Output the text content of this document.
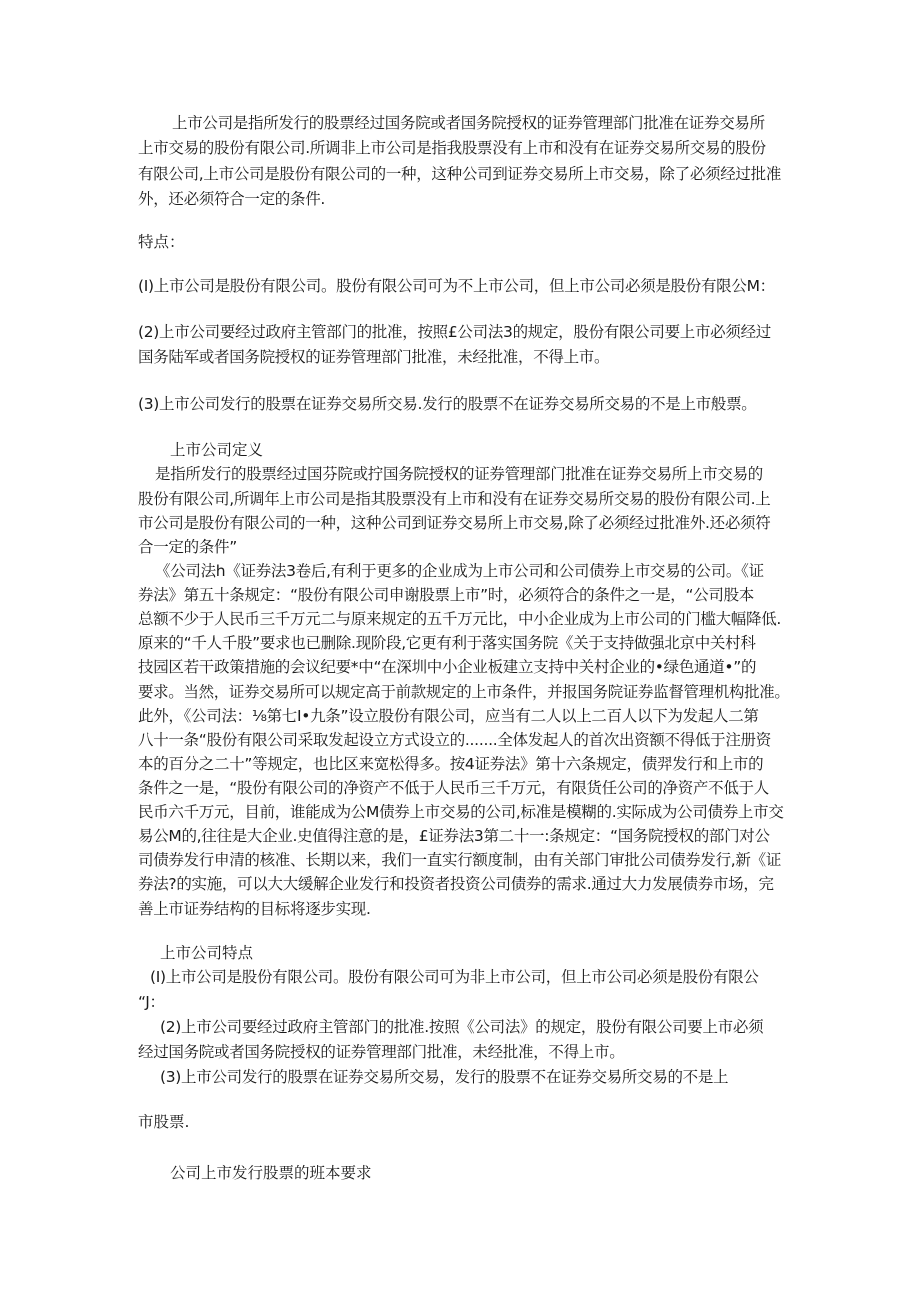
上市公司是指所发行的股票经过国务院或者国务院授权的证券管理部门批准在证券交易所
上市交易的股份有限公司.所调非上市公司是指我股票没有上市和没有在证券交易所交易的股份
有限公司,上市公司是股份有限公司的一种，这种公司到证券交易所上市交易，除了必须经过批准
外，还必须符合一定的条件.
特点：
(I)上市公司是股份有限公司。股份有限公司可为不上市公司，但上市公司必须是股份有限公M：
(2)上市公司要经过政府主管部门的批准，按照£公司法3的规定，股份有限公司要上市必须经过
国务陆军或者国务院授权的证券管理部门批准，未经批准，不得上市。
(3)上市公司发行的股票在证券交易所交易.发行的股票不在证券交易所交易的不是上市般票。
上市公司定义
是指所发行的股票经过国芬院或拧国务院授权的证券管理部门批准在证券交易所上市交易的
股份有限公司,所调年上市公司是指其股票没有上市和没有在证券交易所交易的股份有限公司.上
市公司是股份有限公司的一种，这种公司到证券交易所上市交易,除了必须经过批准外.还必须符
合一定的条件”
《公司法h《证券法3卷后,有利于更多的企业成为上市公司和公司债券上市交易的公司。《证
券法》第五十条规定：“股份有限公司申谢股票上市”时，必须符合的条件之一是，“公司股本
总额不少于人民币三千万元二与原来规定的五千万元比，中小企业成为上市公司的门槛大幅降低.
原来的“千人千股”要求也已删除.现阶段,它更有利于落实国务院《关于支持做强北京中关村科
技园区若干政策措施的会议纪要*中“在深圳中小企业板建立支持中关村企业的•绿色通道•”的
要求。当然，证券交易所可以规定高于前款规定的上市条件，并报国务院证券监督管理机构批准。
此外，《公司法：⅛第七I•九条”设立股份有限公司，应当有二人以上二百人以下为发起人二第
八十一条“股份有限公司采取发起设立方式设立的.......全体发起人的首次出资额不得低于注册资
本的百分之二十”等规定，也比区来宽松得多。按4证券法》第十六条规定，债羿发行和上市的
条件之一是，“股份有限公司的净资产不低于人民币三千万元，有限货任公司的净资产不低于人
民币六千万元，目前，谁能成为公M债券上市交易的公司,标准是模糊的.实际成为公司债券上市交
易公M的,往往是大企业.史值得注意的是，£证券法3第二十一:条规定：“国务院授权的部门对公
司债券发行申清的核准、长期以来，我们一直实行额度制，由有关部门审批公司债券发行,新《证
券法?的实施，可以大大缓解企业发行和投资者投资公司债券的需求.通过大力发展债券市场，完
善上市证券结构的目标将逐步实现.
上市公司特点
(I)上市公司是股份有限公司。股份有限公司可为非上市公司，但上市公司必须是股份有限公
“J：
(2)上市公司要经过政府主管部门的批准.按照《公司法》的规定，股份有限公司要上市必须
经过国务院或者国务院授权的证券管理部门批准，未经批准，不得上市。
(3)上市公司发行的股票在证券交易所交易，发行的股票不在证券交易所交易的不是上
市股票.
公司上市发行股票的班本要求
